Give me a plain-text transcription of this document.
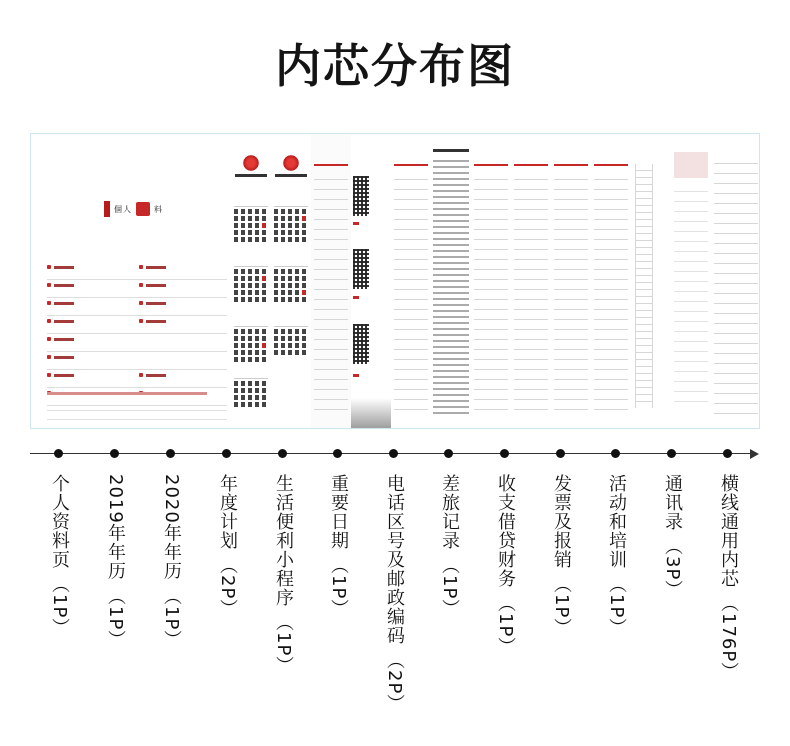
内芯分布图
個人	料
个人资料页
（1P）
2019年年历
（1P）
2020年年历
（1P）
年度计划
（2P） 生活便利小程序
（1P）
重要日期
（1P） 电话区号及邮政编码
（2P）
差旅记录
（1P） 收支借贷财务
（1P）
发票及报销
（1P）
活动和培训
（1P）
通讯录
（3P） 横线通用内芯
（176P）
